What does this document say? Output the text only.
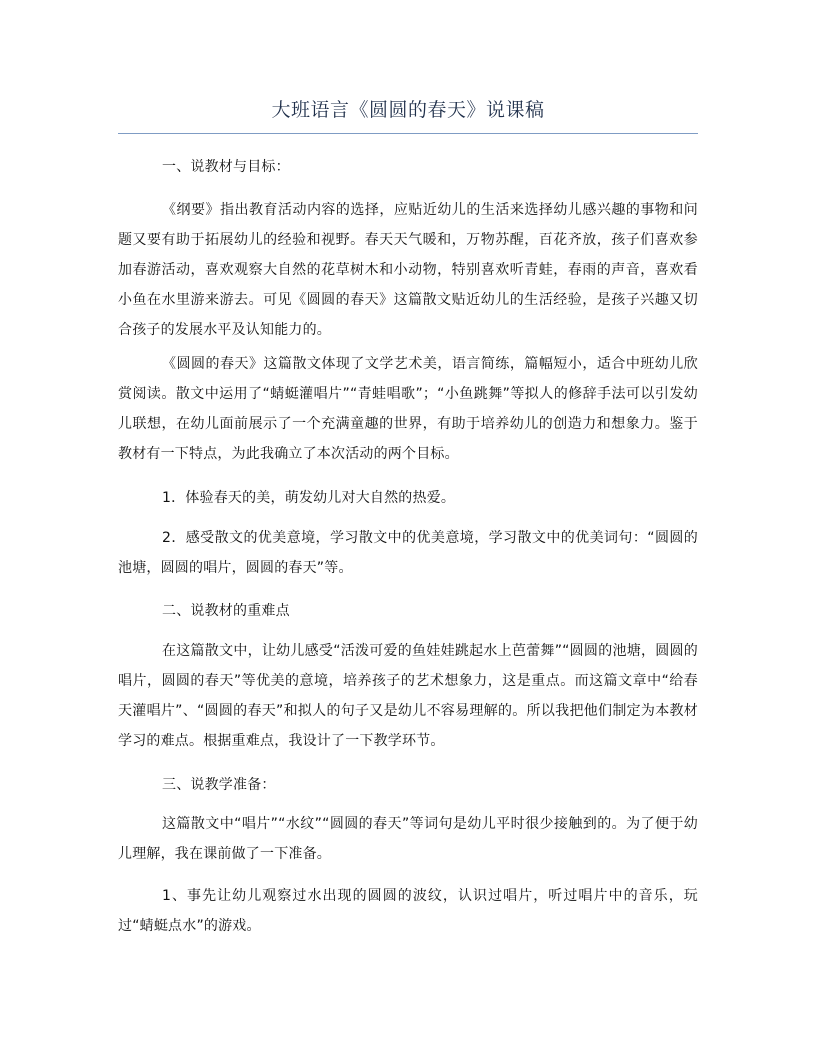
大班语言《圆圆的春天》说课稿

一、说教材与目标：

《纲要》指出教育活动内容的选择，应贴近幼儿的生活来选择幼儿感兴趣的事物和问题又要有助于拓展幼儿的经验和视野。春天天气暖和，万物苏醒，百花齐放，孩子们喜欢参加春游活动，喜欢观察大自然的花草树木和小动物，特别喜欢听青蛙，春雨的声音，喜欢看小鱼在水里游来游去。可见《圆圆的春天》这篇散文贴近幼儿的生活经验，是孩子兴趣又切合孩子的发展水平及认知能力的。

《圆圆的春天》这篇散文体现了文学艺术美，语言简练，篇幅短小，适合中班幼儿欣赏阅读。散文中运用了“蜻蜓灌唱片”“青蛙唱歌”；“小鱼跳舞”等拟人的修辞手法可以引发幼儿联想，在幼儿面前展示了一个充满童趣的世界，有助于培养幼儿的创造力和想象力。鉴于教材有一下特点，为此我确立了本次活动的两个目标。

1．体验春天的美，萌发幼儿对大自然的热爱。

2．感受散文的优美意境，学习散文中的优美意境，学习散文中的优美词句：“圆圆的池塘，圆圆的唱片，圆圆的春天”等。

二、说教材的重难点

在这篇散文中，让幼儿感受“活泼可爱的鱼娃娃跳起水上芭蕾舞”“圆圆的池塘，圆圆的唱片，圆圆的春天”等优美的意境，培养孩子的艺术想象力，这是重点。而这篇文章中“给春天灌唱片”、“圆圆的春天”和拟人的句子又是幼儿不容易理解的。所以我把他们制定为本教材学习的难点。根据重难点，我设计了一下教学环节。

三、说教学准备：

这篇散文中“唱片”“水纹”“圆圆的春天”等词句是幼儿平时很少接触到的。为了便于幼儿理解，我在课前做了一下准备。

1、事先让幼儿观察过水出现的圆圆的波纹，认识过唱片，听过唱片中的音乐，玩过“蜻蜓点水”的游戏。
